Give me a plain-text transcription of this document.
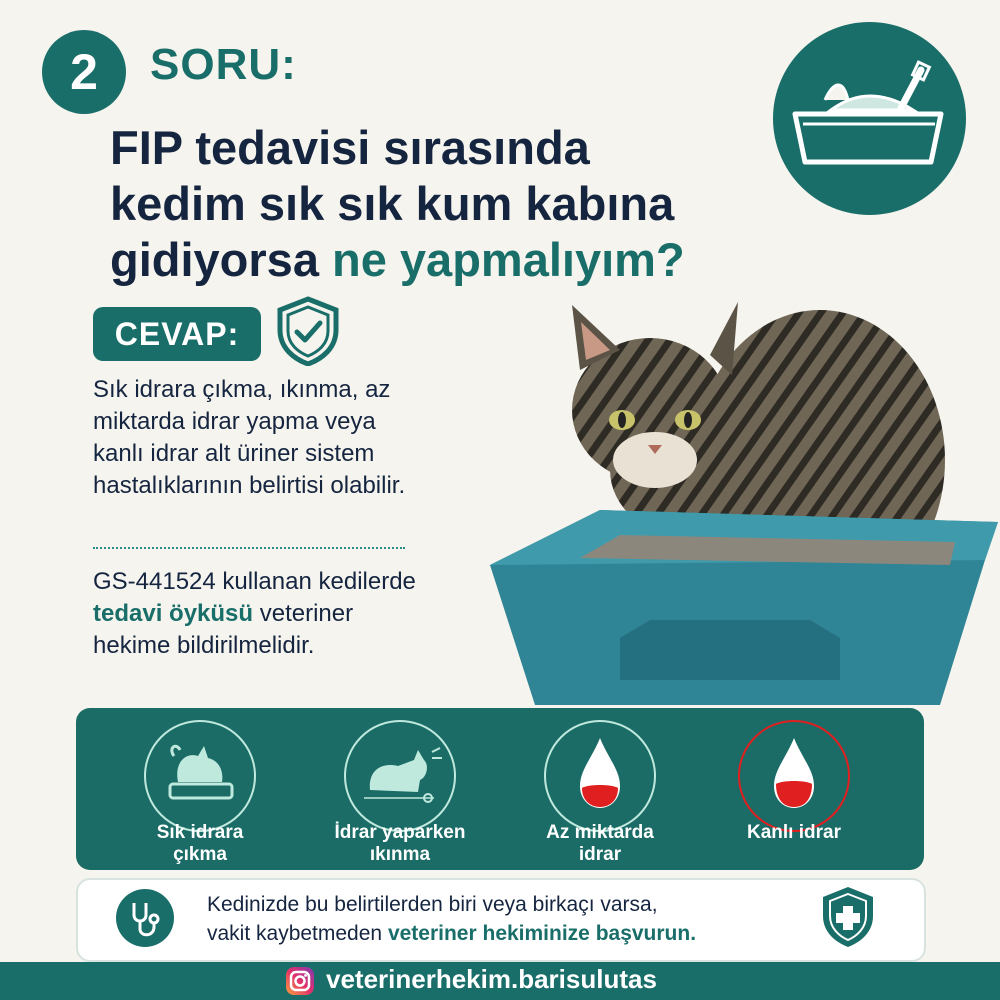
2	SORU:
FIP tedavisi sırasında
kedim sık sık kum kabına
gidiyorsa ne yapmalıyım?
CEVAP:
Sık idrara çıkma, ıkınma, az miktarda idrar yapma veya kanlı idrar alt üriner sistem hastalıklarının belirtisi olabilir.
GS-441524 kullanan kedilerde tedavi öyküsü veteriner hekime bildirilmelidir.
Sık idrara
çıkma
İdrar yaparken
ıkınma
Az miktarda
idrar
Kanlı idrar
Kedinizde bu belirtilerden biri veya birkaçı varsa,
vakit kaybetmeden veteriner hekiminize başvurun.
veterinerhekim.barisulutas
